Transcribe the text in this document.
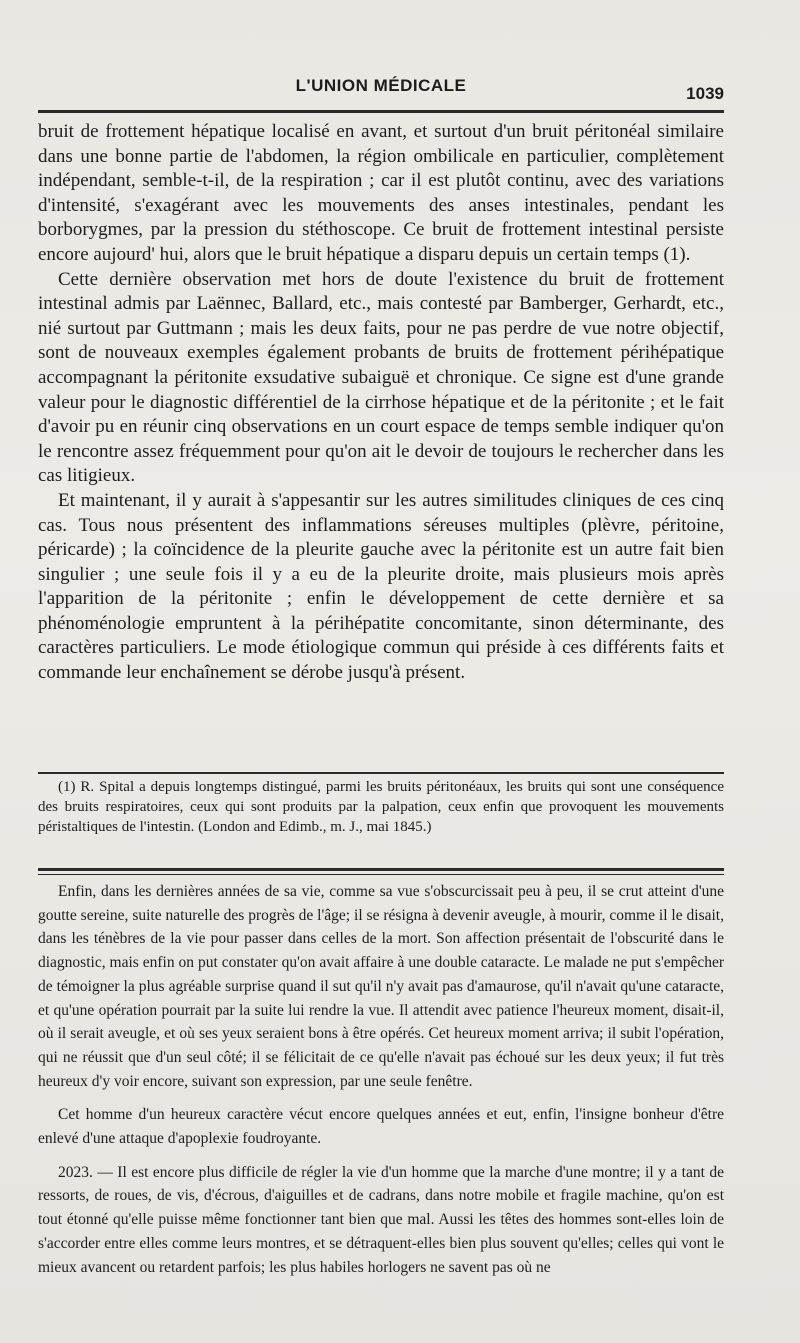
L'UNION MÉDICALE	1039

bruit de frottement hépatique localisé en avant, et surtout d'un bruit péritonéal similaire dans une bonne partie de l'abdomen, la région ombilicale en particulier, complètement indépendant, semble-t-il, de la respiration ; car il est plutôt continu, avec des variations d'intensité, s'exagérant avec les mouvements des anses intestinales, pendant les borborygmes, par la pression du stéthoscope. Ce bruit de frottement intestinal persiste encore aujourd' hui, alors que le bruit hépatique a disparu depuis un certain temps (1).

Cette dernière observation met hors de doute l'existence du bruit de frottement intestinal admis par Laënnec, Ballard, etc., mais contesté par Bamberger, Gerhardt, etc., nié surtout par Guttmann ; mais les deux faits, pour ne pas perdre de vue notre objectif, sont de nouveaux exemples également probants de bruits de frottement périhépatique accompagnant la péritonite exsudative subaiguë et chronique. Ce signe est d'une grande valeur pour le diagnostic différentiel de la cirrhose hépatique et de la péritonite ; et le fait d'avoir pu en réunir cinq observations en un court espace de temps semble indiquer qu'on le rencontre assez fréquemment pour qu'on ait le devoir de toujours le rechercher dans les cas litigieux.

Et maintenant, il y aurait à s'appesantir sur les autres similitudes cliniques de ces cinq cas. Tous nous présentent des inflammations séreuses multiples (plèvre, péritoine, péricarde) ; la coïncidence de la pleurite gauche avec la péritonite est un autre fait bien singulier ; une seule fois il y a eu de la pleurite droite, mais plusieurs mois après l'apparition de la péritonite ; enfin le développement de cette dernière et sa phénoménologie empruntent à la périhépatite concomitante, sinon déterminante, des caractères particuliers. Le mode étiologique commun qui préside à ces différents faits et commande leur enchaînement se dérobe jusqu'à présent.

(1) R. Spital a depuis longtemps distingué, parmi les bruits péritonéaux, les bruits qui sont une conséquence des bruits respiratoires, ceux qui sont produits par la palpation, ceux enfin que provoquent les mouvements péristaltiques de l'intestin. (London and Edimb., m. J., mai 1845.)

Enfin, dans les dernières années de sa vie, comme sa vue s'obscurcissait peu à peu, il se crut atteint d'une goutte sereine, suite naturelle des progrès de l'âge; il se résigna à devenir aveugle, à mourir, comme il le disait, dans les ténèbres de la vie pour passer dans celles de la mort. Son affection présentait de l'obscurité dans le diagnostic, mais enfin on put constater qu'on avait affaire à une double cataracte. Le malade ne put s'empêcher de témoigner la plus agréable surprise quand il sut qu'il n'y avait pas d'amaurose, qu'il n'avait qu'une cataracte, et qu'une opération pourrait par la suite lui rendre la vue. Il attendit avec patience l'heureux moment, disait-il, où il serait aveugle, et où ses yeux seraient bons à être opérés. Cet heureux moment arriva; il subit l'opération, qui ne réussit que d'un seul côté; il se félicitait de ce qu'elle n'avait pas échoué sur les deux yeux; il fut très heureux d'y voir encore, suivant son expression, par une seule fenêtre.

Cet homme d'un heureux caractère vécut encore quelques années et eut, enfin, l'insigne bonheur d'être enlevé d'une attaque d'apoplexie foudroyante.

2023. — Il est encore plus difficile de régler la vie d'un homme que la marche d'une montre; il y a tant de ressorts, de roues, de vis, d'écrous, d'aiguilles et de cadrans, dans notre mobile et fragile machine, qu'on est tout étonné qu'elle puisse même fonctionner tant bien que mal. Aussi les têtes des hommes sont-elles loin de s'accorder entre elles comme leurs montres, et se détraquent-elles bien plus souvent qu'elles; celles qui vont le mieux avancent ou retardent parfois; les plus habiles horlogers ne savent pas où ne
